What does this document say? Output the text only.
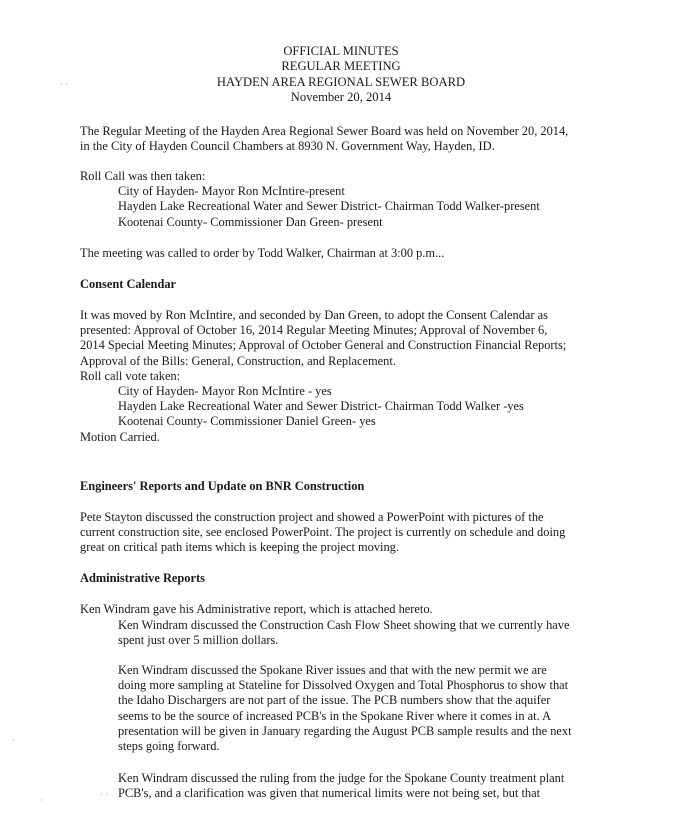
OFFICIAL MINUTES
REGULAR MEETING
HAYDEN AREA REGIONAL SEWER BOARD
November 20, 2014

The Regular Meeting of the Hayden Area Regional Sewer Board was held on November 20, 2014,

in the City of Hayden Council Chambers at 8930 N. Government Way, Hayden, ID.

Roll Call was then taken:

City of Hayden- Mayor Ron McIntire-present

Hayden Lake Recreational Water and Sewer District- Chairman Todd Walker-present

Kootenai County- Commissioner Dan Green- present

The meeting was called to order by Todd Walker, Chairman at 3:00 p.m...

Consent Calendar

It was moved by Ron McIntire, and seconded by Dan Green, to adopt the Consent Calendar as

presented: Approval of October 16, 2014 Regular Meeting Minutes; Approval of November 6,

2014 Special Meeting Minutes; Approval of October General and Construction Financial Reports;

Approval of the Bills: General, Construction, and Replacement.

Roll call vote taken:

City of Hayden- Mayor Ron McIntire - yes

Hayden Lake Recreational Water and Sewer District- Chairman Todd Walker -yes

Kootenai County- Commissioner Daniel Green- yes

Motion Carried.

Engineers' Reports and Update on BNR Construction

Pete Stayton discussed the construction project and showed a PowerPoint with pictures of the

current construction site, see enclosed PowerPoint. The project is currently on schedule and doing

great on critical path items which is keeping the project moving.

Administrative Reports

Ken Windram gave his Administrative report, which is attached hereto.

Ken Windram discussed the Construction Cash Flow Sheet showing that we currently have

spent just over 5 million dollars.

Ken Windram discussed the Spokane River issues and that with the new permit we are

doing more sampling at Stateline for Dissolved Oxygen and Total Phosphorus to show that

the Idaho Dischargers are not part of the issue. The PCB numbers show that the aquifer

seems to be the source of increased PCB's in the Spokane River where it comes in at. A

presentation will be given in January regarding the August PCB sample results and the next

steps going forward.

Ken Windram discussed the ruling from the judge for the Spokane County treatment plant

PCB's, and a clarification was given that numerical limits were not being set, but that

· ·
·
·
· ·
